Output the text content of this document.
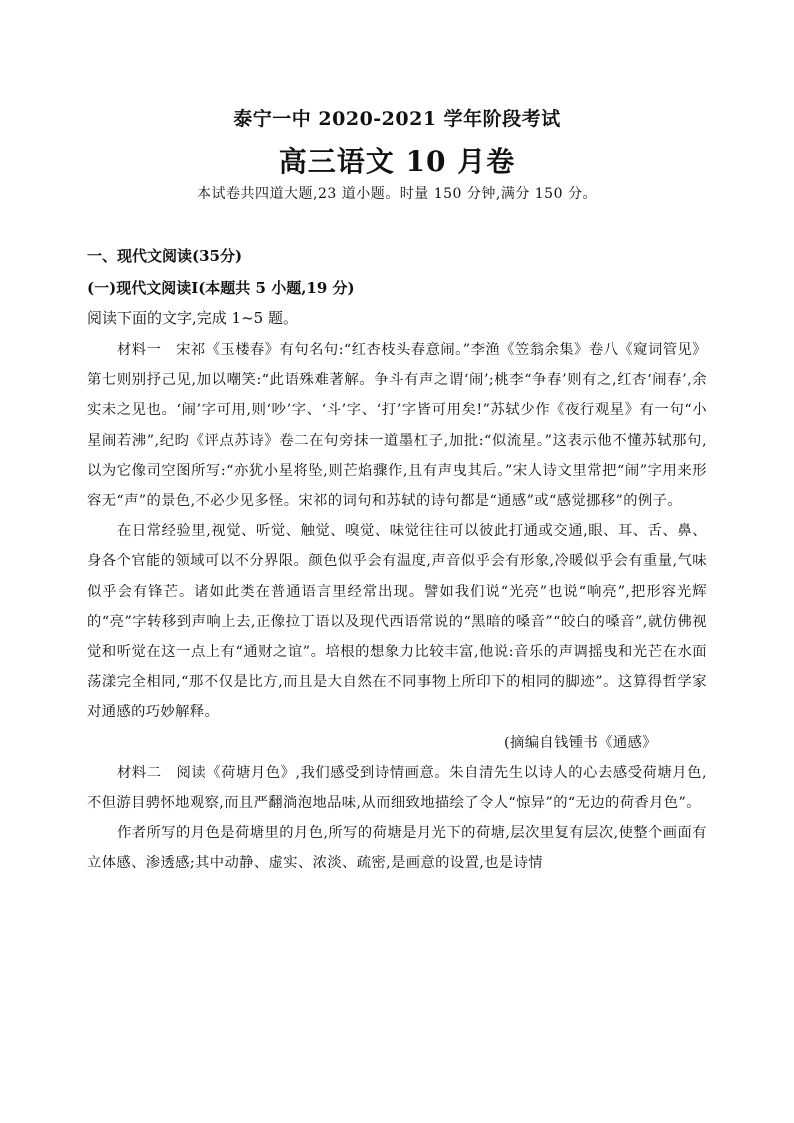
泰宁一中 2020-2021 学年阶段考试
高三语文 10 月卷
本试卷共四道大题,23 道小题。时量 150 分钟,满分 150 分。
一、现代文阅读(35分)
(一)现代文阅读Ⅰ(本题共 5 小题,19 分)
阅读下面的文字,完成 1~5 题。

材料一　宋祁《玉楼春》有句名句:“红杏枝头春意闹。”李渔《笠翁余集》卷八《窥词管见》第七则别抒己见,加以嘲笑:“此语殊难著解。争斗有声之谓‘闹’;桃李“争春’则有之,红杏‘闹春’,余实未之见也。‘闹’字可用,则‘吵’字、‘斗’字、‘打’字皆可用矣!”苏轼少作《夜行观星》有一句“小星闹若沸”,纪昀《评点苏诗》卷二在句旁抹一道墨杠子,加批:“似流星。”这表示他不懂苏轼那句,以为它像司空图所写:“亦犹小星将坠,则芒焰骤作,且有声曳其后。”宋人诗文里常把“闹”字用来形容无“声”的景色,不必少见多怪。宋祁的词句和苏轼的诗句都是“通感”或“感觉挪移”的例子。

在日常经验里,视觉、听觉、触觉、嗅觉、味觉往往可以彼此打通或交通,眼、耳、舌、鼻、身各个官能的领域可以不分界限。颜色似乎会有温度,声音似乎会有形象,冷暖似乎会有重量,气味似乎会有锋芒。诸如此类在普通语言里经常出现。譬如我们说“光亮”也说“响亮”,把形容光辉的“亮”字转移到声响上去,正像拉丁语以及现代西语常说的“黑暗的嗓音”“皎白的嗓音”,就仿佛视觉和听觉在这一点上有“通财之谊”。培根的想象力比较丰富,他说:音乐的声调摇曳和光芒在水面荡漾完全相同,“那不仅是比方,而且是大自然在不同事物上所印下的相同的脚迹”。这算得哲学家对通感的巧妙解释。

(摘编自钱锺书《通感》

材料二　阅读《荷塘月色》,我们感受到诗情画意。朱自清先生以诗人的心去感受荷塘月色,不但游目骋怀地观察,而且严翻淌泡地品味,从而细致地描绘了令人“惊异”的“无边的荷香月色”。

作者所写的月色是荷塘里的月色,所写的荷塘是月光下的荷塘,层次里复有层次,使整个画面有立体感、渗透感;其中动静、虚实、浓淡、疏密,是画意的设置,也是诗情
